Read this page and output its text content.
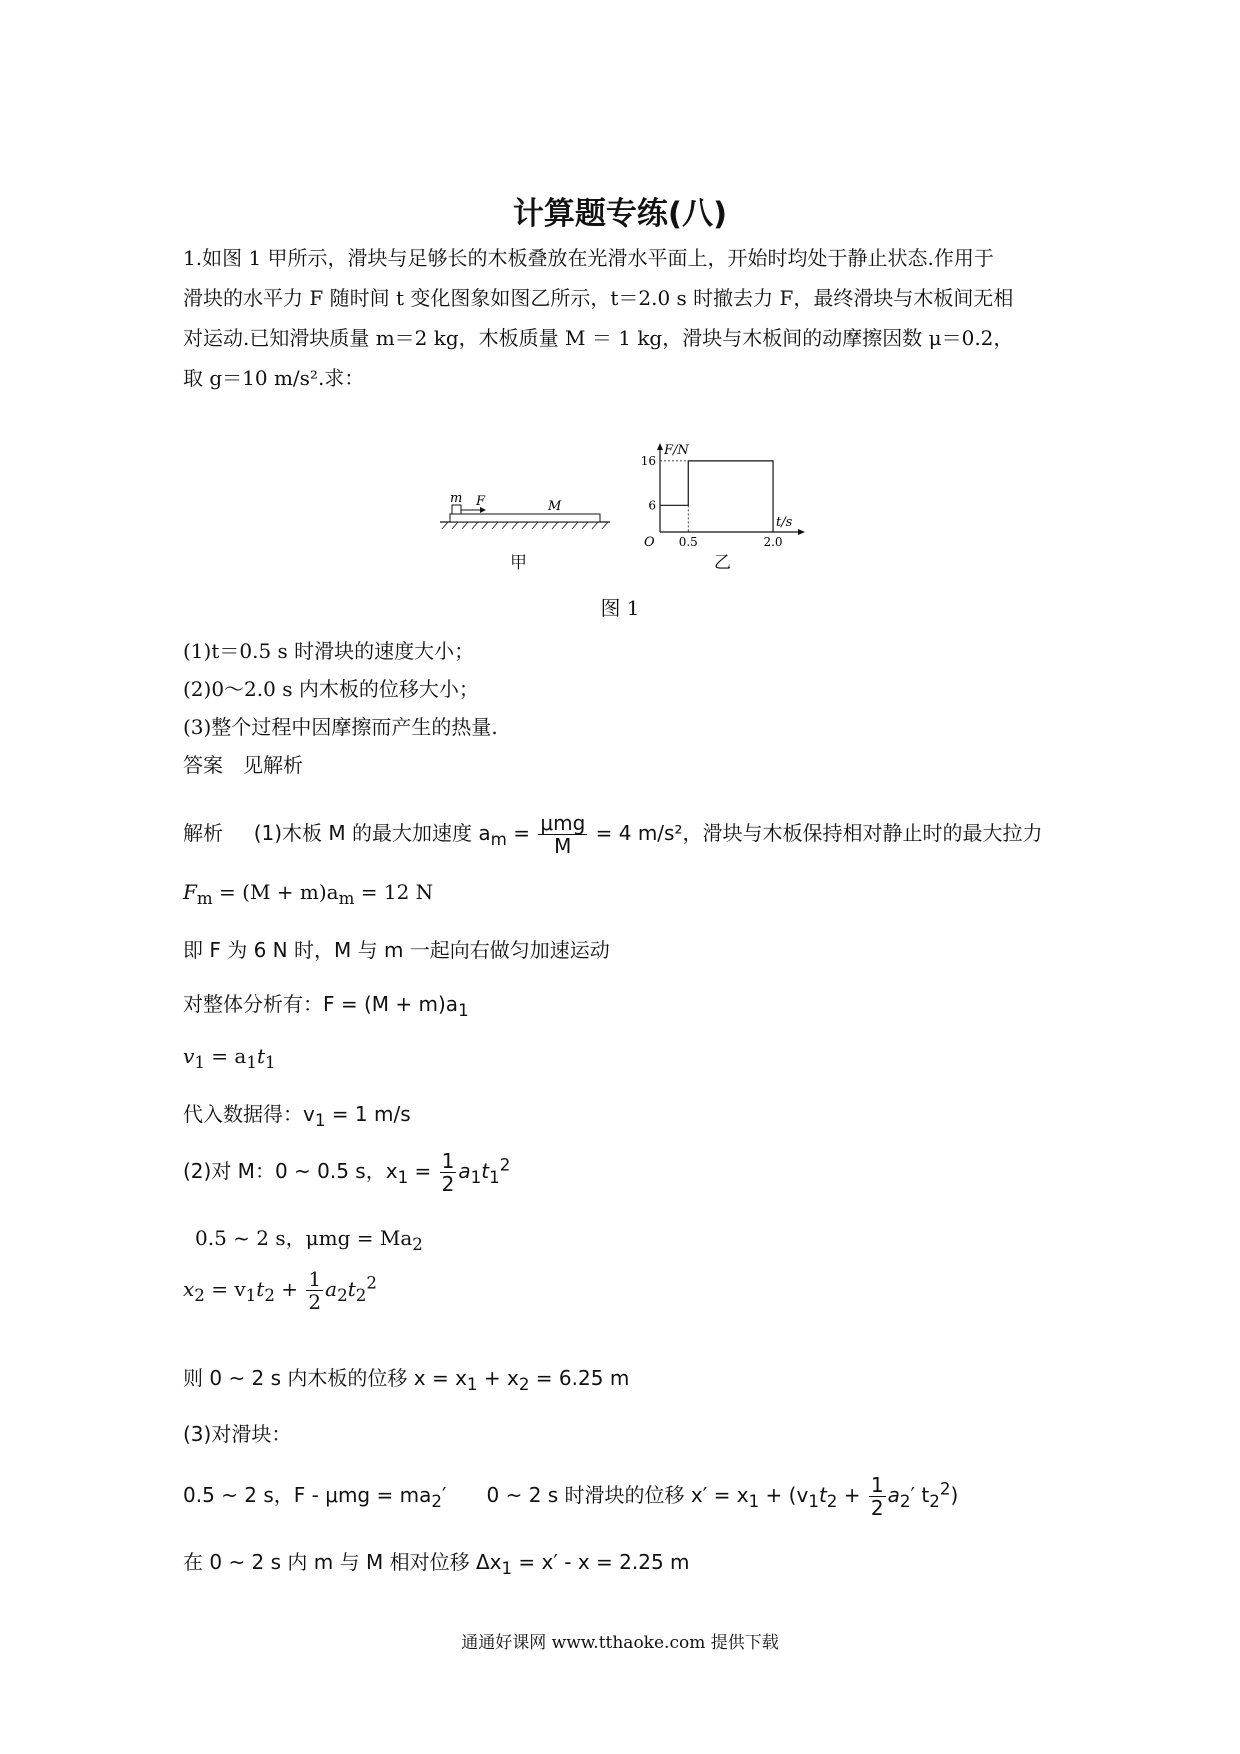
计算题专练(八)

1.如图 1 甲所示，滑块与足够长的木板叠放在光滑水平面上，开始时均处于静止状态.作用于

滑块的水平力 F 随时间 t 变化图象如图乙所示，t＝2.0 s 时撤去力 F，最终滑块与木板间无相

对运动.已知滑块质量 m＝2 kg，木板质量 M ＝ 1 kg，滑块与木板间的动摩擦因数 μ＝0.2，

取 g＝10 m/s².求：

m F	M
甲
F/N
t/s
O
16
6
0.5	2.0
乙
图 1

(1)t＝0.5 s 时滑块的速度大小；

(2)0～2.0 s 内木板的位移大小；

(3)整个过程中因摩擦而产生的热量.

答案　见解析

解析 (1)木板 M 的最大加速度 $a_m = \frac{\text{μmg}}{M} = 4$ m/s²，滑块与木板保持相对静止时的最大拉力
$F_m = (M + m)a_m = 12$ N
即 F 为 6 N 时，M 与 m 一起向右做匀加速运动
对整体分析有：$F = (M + m)a_1$
$v_1 = a_1t_1$
代入数据得：$v_1 = 1$ m/s
(2)对 M：0 ~ 0.5 s，$x_1 = \frac{1}{2} a_1t_1^2$
0.5 ~ 2 s，$\mu mg = Ma_2$
$x_2 = v_1t_2 + \frac{1}{2} a_2t_2^2$
则 0 ~ 2 s 内木板的位移 $x = x_1 + x_2 = 6.25$ m
(3)对滑块：
0.5 ~ 2 s，$F - \mu mg = ma_2'$　　0 ~ 2 s 时滑块的位移 $x' = x_1 + (v_1t_2 + \frac{1}{2} a_2'$ $t_2^2$)
在 0 ~ 2 s 内 m 与 M 相对位移 $\Delta x_1 = x' - x = 2.25$ m
通通好课网 www.tthaoke.com 提供下载
